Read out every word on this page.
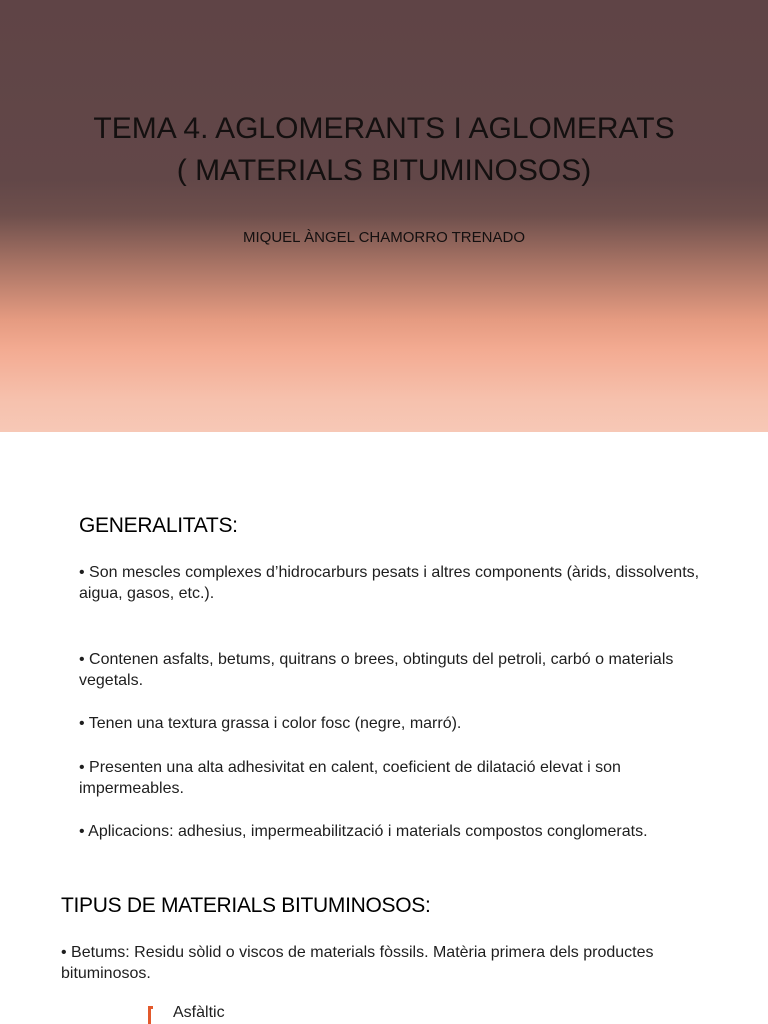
TEMA 4. AGLOMERANTS I AGLOMERATS
( MATERIALS BITUMINOSOS)
MIQUEL ÀNGEL CHAMORRO TRENADO
GENERALITATS:
• Son mescles complexes d’hidrocarburs pesats i altres components (àrids, dissolvents, aigua, gasos, etc.).
• Contenen asfalts, betums, quitrans o brees, obtinguts del petroli, carbó o materials vegetals.
• Tenen una textura grassa i color fosc (negre, marró).
• Presenten una alta adhesivitat en calent, coeficient de dilatació elevat i son impermeables.
• Aplicacions: adhesius, impermeabilització i materials compostos conglomerats.
TIPUS DE MATERIALS BITUMINOSOS:
• Betums: Residu sòlid o viscos de materials fòssils. Matèria primera dels productes bituminosos.
Asfàltic
